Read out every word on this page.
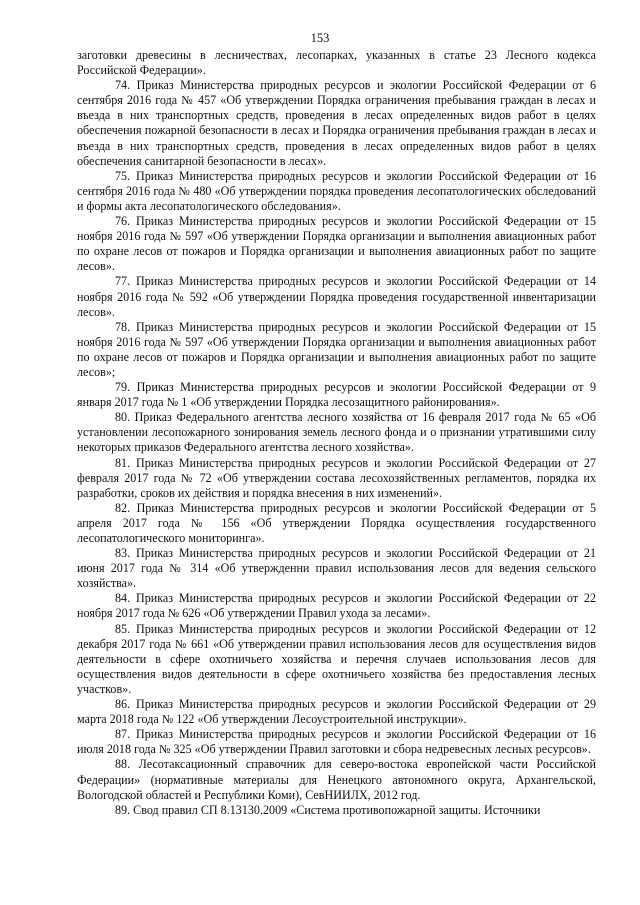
153

заготовки древесины в лесничествах, лесопарках, указанных в статье 23 Лесного кодекса Российской Федерации».

74. Приказ Министерства природных ресурсов и экологии Российской Федерации от 6 сентября 2016 года № 457 «Об утверждении Порядка ограничения пребывания граждан в лесах и въезда в них транспортных средств, проведения в лесах определенных видов работ в целях обеспечения пожарной безопасности в лесах и Порядка ограничения пребывания граждан в лесах и въезда в них транспортных средств, проведения в лесах определенных видов работ в целях обеспечения санитарной безопасности в лесах».

75. Приказ Министерства природных ресурсов и экологии Российской Федерации от 16 сентября 2016 года № 480 «Об утверждении порядка проведения лесопатологических обследований и формы акта лесопатологического обследования».

76. Приказ Министерства природных ресурсов и экологии Российской Федерации от 15 ноября 2016 года № 597 «Об утверждении Порядка организации и выполнения авиационных работ по охране лесов от пожаров и Порядка организации и выполнения авиационных работ по защите лесов».

77. Приказ Министерства природных ресурсов и экологии Российской Федерации от 14 ноября 2016 года № 592 «Об утверждении Порядка проведения государственной инвентаризации лесов».

78. Приказ Министерства природных ресурсов и экологии Российской Федерации от 15 ноября 2016 года № 597 «Об утверждении Порядка организации и выполнения авиационных работ по охране лесов от пожаров и Порядка организации и выполнения авиационных работ по защите лесов»;

79. Приказ Министерства природных ресурсов и экологии Российской Федерации от 9 января 2017 года № 1 «Об утверждении Порядка лесозащитного районирования».

80. Приказ Федерального агентства лесного хозяйства от 16 февраля 2017 года № 65 «Об установлении лесопожарного зонирования земель лесного фонда и о признании утратившими силу некоторых приказов Федерального агентства лесного хозяйства».

81. Приказ Министерства природных ресурсов и экологии Российской Федерации от 27 февраля 2017 года № 72 «Об утверждении состава лесохозяйственных регламентов, порядка их разработки, сроков их действия и порядка внесения в них изменений».

82. Приказ Министерства природных ресурсов и экологии Российской Федерации от 5 апреля 2017 года № 156 «Об утверждении Порядка осуществления государственного лесопатологического мониторинга».

83. Приказ Министерства природных ресурсов и экологии Российской Федерации от 21 июня 2017 года № 314 «Об утвержденни правил использования лесов для ведения сельского хозяйства».

84. Приказ Министерства природных ресурсов и экологии Российской Федерации от 22 ноября 2017 года № 626 «Об утверждении Правил ухода за лесами».

85. Приказ Министерства природных ресурсов и экологии Российской Федерации от 12 декабря 2017 года № 661 «Об утверждении правил использования лесов для осуществления видов деятельности в сфере охотничьего хозяйства и перечня случаев использования лесов для осуществления видов деятельности в сфере охотничьего хозяйства без предоставления лесных участков».

86. Приказ Министерства природных ресурсов и экологии Российской Федерации от 29 марта 2018 года № 122 «Об утверждении Лесоустроительной инструкции».

87. Приказ Министерства природных ресурсов и экологии Российской Федерации от 16 июля 2018 года № 325 «Об утверждении Правил заготовки и сбора недревесных лесных ресурсов».

88. Лесотаксационный справочник для северо-востока европейской части Российской Федерации» (нормативные материалы для Ненецкого автономного округа, Архангельской, Вологодской областей и Республики Коми), СевНИИЛХ, 2012 год.

89. Свод правил СП 8.13130.2009 «Система противопожарной защиты. Источники
